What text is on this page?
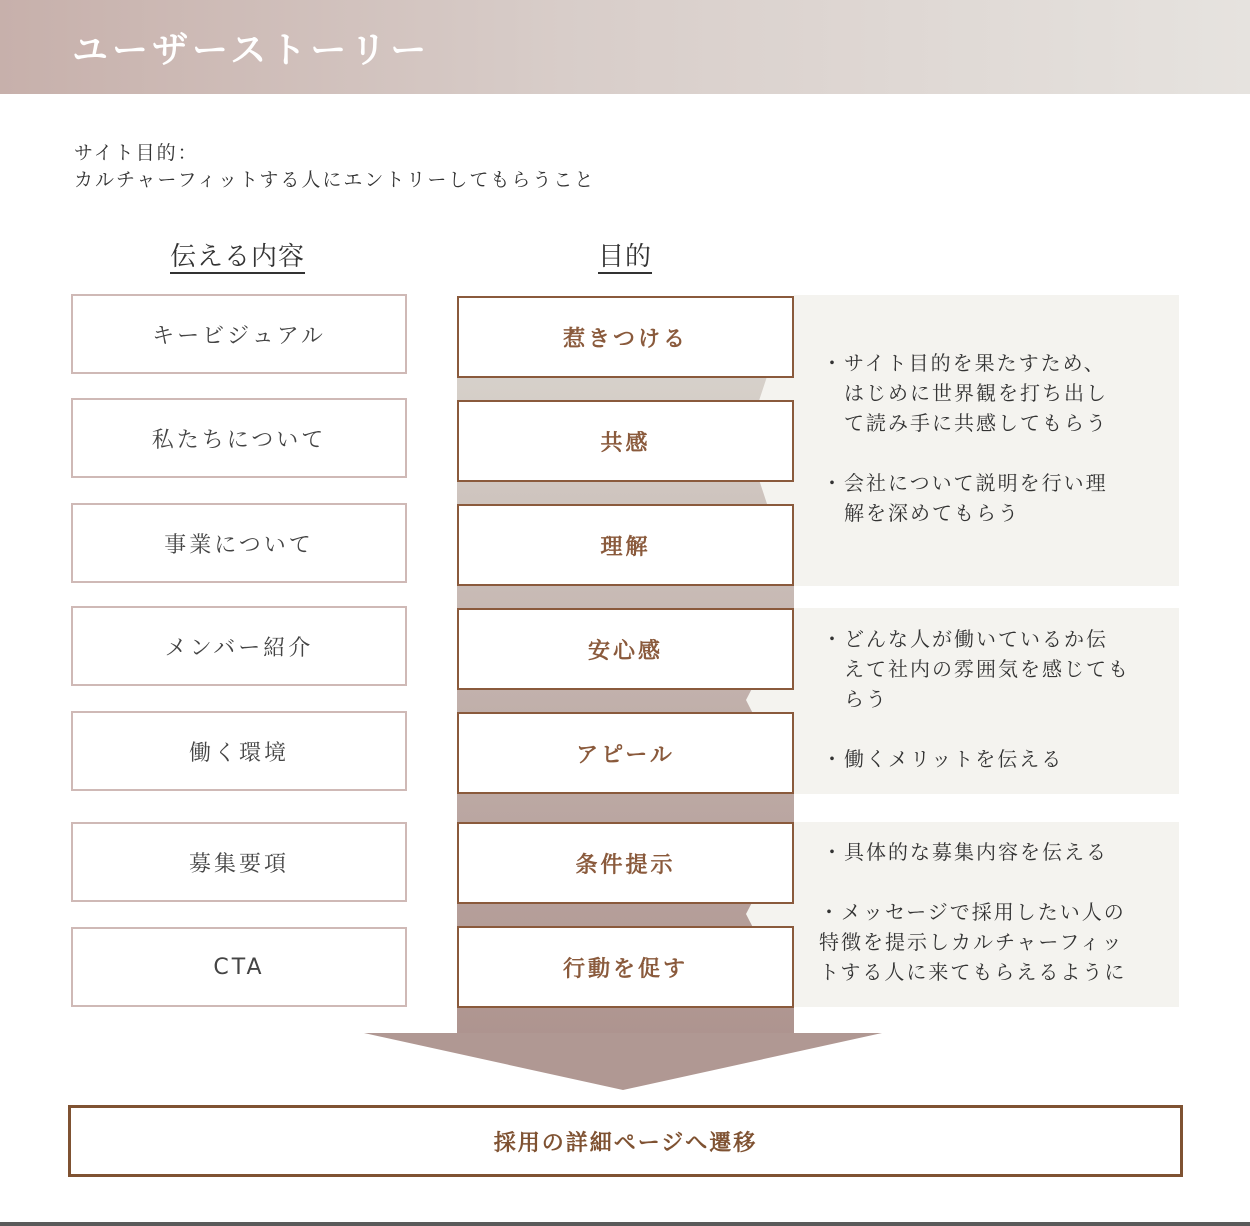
ユーザーストーリー
サイト目的：
カルチャーフィットする人にエントリーしてもらうこと
伝える内容	目的
キービジュアル
私たちについて
事業について
メンバー紹介
働く環境
募集要項
CTA
惹きつける
共感
理解
安心感
アピール
条件提示
行動を促す
・サイト目的を果たすため、
　はじめに世界観を打ち出し
　て読み手に共感してもらう
・会社について説明を行い理
　解を深めてもらう
・どんな人が働いているか伝
　えて社内の雰囲気を感じても
　らう
・働くメリットを伝える
・具体的な募集内容を伝える
・メッセージで採用したい人の
特徴を提示しカルチャーフィッ
トする人に来てもらえるように
採用の詳細ページへ遷移
